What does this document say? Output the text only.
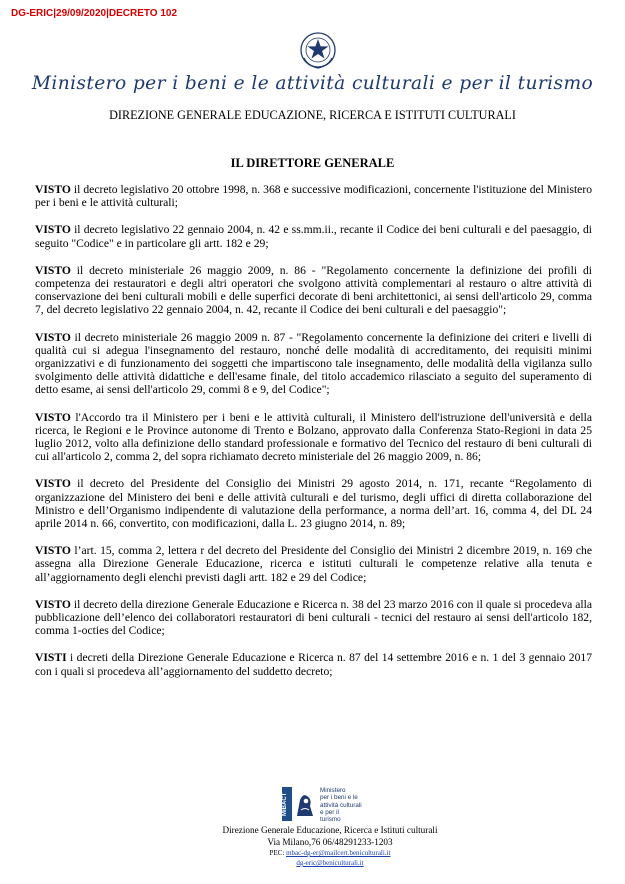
DG-ERIC|29/09/2020|DECRETO 102
Ministero per i beni e le attività culturali e per il turismo
DIREZIONE GENERALE EDUCAZIONE, RICERCA E ISTITUTI CULTURALI
IL DIRETTORE GENERALE

VISTO il decreto legislativo 20 ottobre 1998, n. 368 e successive modificazioni, concernente l'istituzione del Ministero per i beni e le attività culturali;

VISTO il decreto legislativo 22 gennaio 2004, n. 42 e ss.mm.ii., recante il Codice dei beni culturali e del paesaggio, di seguito "Codice" e in particolare gli artt. 182 e 29;

VISTO il decreto ministeriale 26 maggio 2009, n. 86 - "Regolamento concernente la definizione dei profili di competenza dei restauratori e degli altri operatori che svolgono attività complementari al restauro o altre attività di conservazione dei beni culturali mobili e delle superfici decorate di beni architettonici, ai sensi dell'articolo 29, comma 7, del decreto legislativo 22 gennaio 2004, n. 42, recante il Codice dei beni culturali e del paesaggio";

VISTO il decreto ministeriale 26 maggio 2009 n. 87 - "Regolamento concernente la definizione dei criteri e livelli di qualità cui si adegua l'insegnamento del restauro, nonché delle modalità di accreditamento, dei requisiti minimi organizzativi e di funzionamento dei soggetti che impartiscono tale insegnamento, delle modalità della vigilanza sullo svolgimento delle attività didattiche e dell'esame finale, del titolo accademico rilasciato a seguito del superamento di detto esame, ai sensi dell'articolo 29, commi 8 e 9, del Codice";

VISTO l'Accordo tra il Ministero per i beni e le attività culturali, il Ministero dell'istruzione dell'università e della ricerca, le Regioni e le Province autonome di Trento e Bolzano, approvato dalla Conferenza Stato-Regioni in data 25 luglio 2012, volto alla definizione dello standard professionale e formativo del Tecnico del restauro di beni culturali di cui all'articolo 2, comma 2, del sopra richiamato decreto ministeriale del 26 maggio 2009, n. 86;

VISTO il decreto del Presidente del Consiglio dei Ministri 29 agosto 2014, n. 171, recante “Regolamento di organizzazione del Ministero dei beni e delle attività culturali e del turismo, degli uffici di diretta collaborazione del Ministro e dell’Organismo indipendente di valutazione della performance, a norma dell’art. 16, comma 4, del DL 24 aprile 2014 n. 66, convertito, con modificazioni, dalla L. 23 giugno 2014, n. 89;

VISTO l’art. 15, comma 2, lettera r del decreto del Presidente del Consiglio dei Ministri 2 dicembre 2019, n. 169 che assegna alla Direzione Generale Educazione, ricerca e istituti culturali le competenze relative alla tenuta e all’aggiornamento degli elenchi previsti dagli artt. 182 e 29 del Codice;

VISTO il decreto della direzione Generale Educazione e Ricerca n. 38 del 23 marzo 2016 con il quale si procedeva alla pubblicazione dell’elenco dei collaboratori restauratori di beni culturali - tecnici del restauro ai sensi dell'articolo 182, comma 1-octies del Codice;

VISTI i decreti della Direzione Generale Educazione e Ricerca n. 87 del 14 settembre 2016 e n. 1 del 3 gennaio 2017 con i quali si procedeva all’aggiornamento del suddetto decreto;

MiBACT
Ministero
per i beni e le
attività culturali
e per il
turismo
Direzione Generale Educazione, Ricerca e Istituti culturali
Via Milano,76 06/48291233-1203
PEC: mbac-dg-er@mailcert.beniculturali.it
dg-eric@beniculturali.it
